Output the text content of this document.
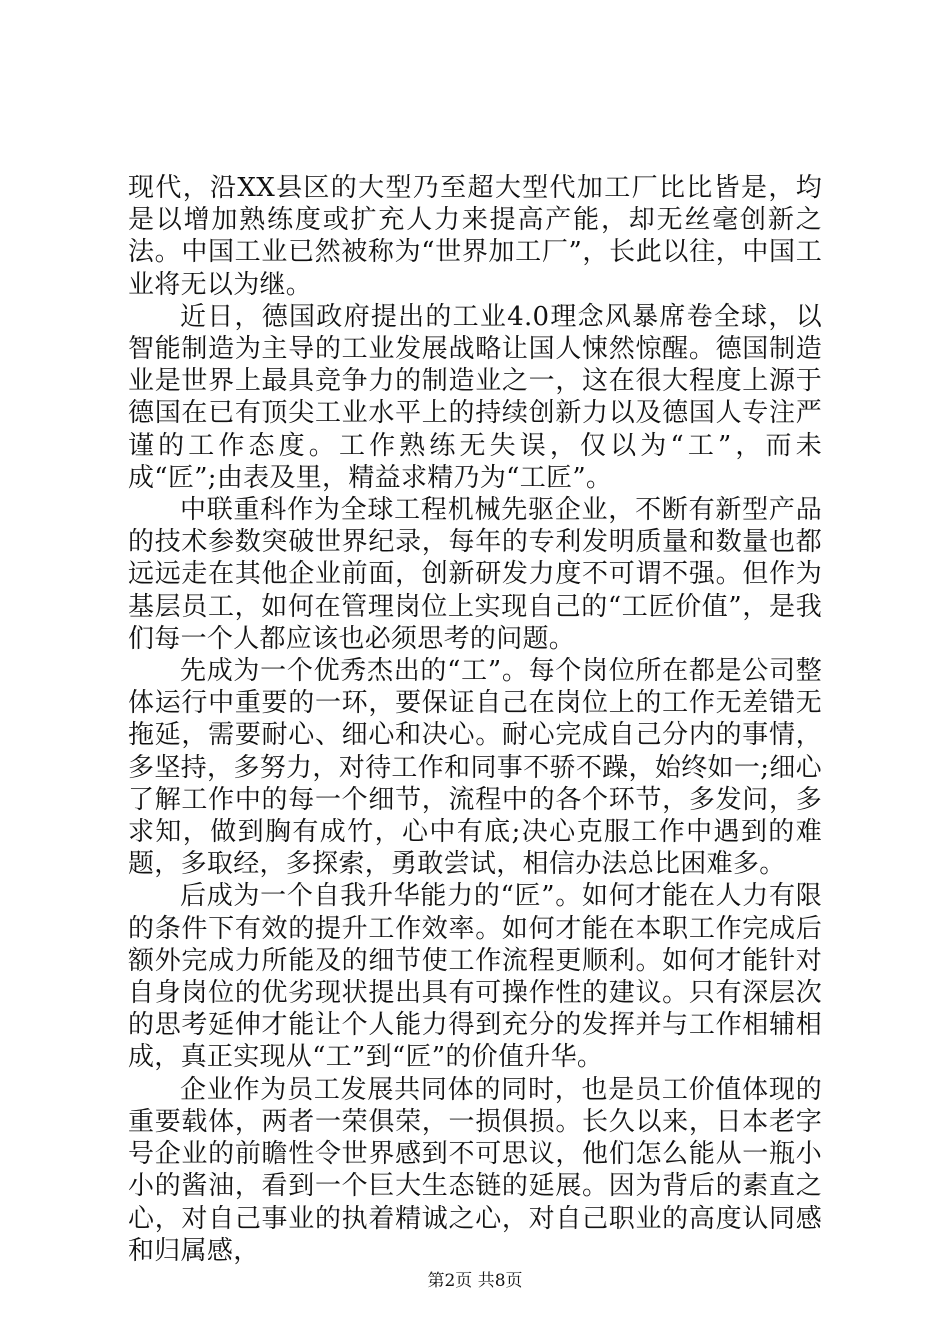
现代，沿XX县区的大型乃至超大型代加工厂比比皆是，均是以增加熟练度或扩充人力来提高产能，却无丝毫创新之法。中国工业已然被称为“世界加工厂”，长此以往，中国工业将无以为继。

近日，德国政府提出的工业4.0理念风暴席卷全球，以智能制造为主导的工业发展战略让国人悚然惊醒。德国制造业是世界上最具竞争力的制造业之一，这在很大程度上源于德国在已有顶尖工业水平上的持续创新力以及德国人专注严谨的工作态度。工作熟练无失误，仅以为“工”，而未成“匠”;由表及里，精益求精乃为“工匠”。

中联重科作为全球工程机械先驱企业，不断有新型产品的技术参数突破世界纪录，每年的专利发明质量和数量也都远远走在其他企业前面，创新研发力度不可谓不强。但作为基层员工，如何在管理岗位上实现自己的“工匠价值”，是我们每一个人都应该也必须思考的问题。

先成为一个优秀杰出的“工”。每个岗位所在都是公司整体运行中重要的一环，要保证自己在岗位上的工作无差错无拖延，需要耐心、细心和决心。耐心完成自己分内的事情，多坚持，多努力，对待工作和同事不骄不躁，始终如一;细心了解工作中的每一个细节，流程中的各个环节，多发问，多求知，做到胸有成竹，心中有底;决心克服工作中遇到的难题，多取经，多探索，勇敢尝试，相信办法总比困难多。

后成为一个自我升华能力的“匠”。如何才能在人力有限的条件下有效的提升工作效率。如何才能在本职工作完成后额外完成力所能及的细节使工作流程更顺利。如何才能针对自身岗位的优劣现状提出具有可操作性的建议。只有深层次的思考延伸才能让个人能力得到充分的发挥并与工作相辅相成，真正实现从“工”到“匠”的价值升华。

企业作为员工发展共同体的同时，也是员工价值体现的重要载体，两者一荣俱荣，一损俱损。长久以来，日本老字号企业的前瞻性令世界感到不可思议，他们怎么能从一瓶小小的酱油，看到一个巨大生态链的延展。因为背后的素直之心，对自己事业的执着精诚之心，对自己职业的高度认同感和归属感，

第2页 共8页
